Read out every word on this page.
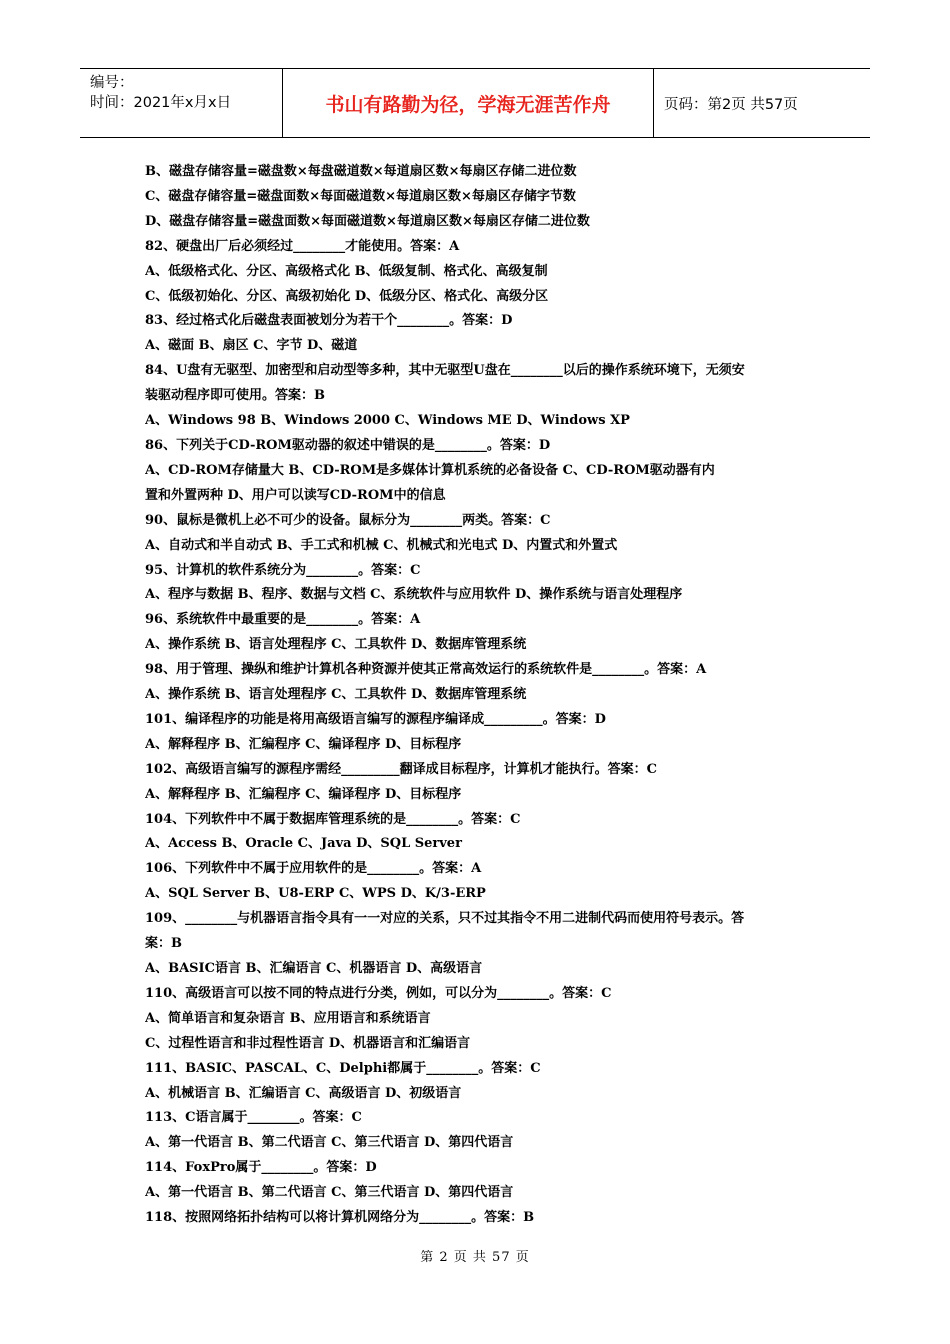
编号：
时间：2021年x月x日	书山有路勤为径，学海无涯苦作舟	页码：第2页 共57页
B、磁盘存储容量=磁盘数×每盘磁道数×每道扇区数×每扇区存储二进位数
C、磁盘存储容量=磁盘面数×每面磁道数×每道扇区数×每扇区存储字节数
D、磁盘存储容量=磁盘面数×每面磁道数×每道扇区数×每扇区存储二进位数
82、硬盘出厂后必须经过________才能使用。答案：A
A、低级格式化、分区、高级格式化 B、低级复制、格式化、高级复制
C、低级初始化、分区、高级初始化 D、低级分区、格式化、高级分区
83、经过格式化后磁盘表面被划分为若干个________。答案：D
A、磁面 B、扇区 C、字节 D、磁道
84、U盘有无驱型、加密型和启动型等多种，其中无驱型U盘在________以后的操作系统环境下，无须安
装驱动程序即可使用。答案：B
A、Windows 98 B、Windows 2000 C、Windows ME D、Windows XP
86、下列关于CD-ROM驱动器的叙述中错误的是________。答案：D
A、CD-ROM存储量大 B、CD-ROM是多媒体计算机系统的必备设备 C、CD-ROM驱动器有内
置和外置两种 D、用户可以读写CD-ROM中的信息
90、鼠标是微机上必不可少的设备。鼠标分为________两类。答案：C
A、自动式和半自动式 B、手工式和机械 C、机械式和光电式 D、内置式和外置式
95、计算机的软件系统分为________。答案：C
A、程序与数据 B、程序、数据与文档 C、系统软件与应用软件 D、操作系统与语言处理程序
96、系统软件中最重要的是________。答案：A
A、操作系统 B、语言处理程序 C、工具软件 D、数据库管理系统
98、用于管理、操纵和维护计算机各种资源并使其正常高效运行的系统软件是________。答案：A
A、操作系统 B、语言处理程序 C、工具软件 D、数据库管理系统
101、编译程序的功能是将用高级语言编写的源程序编译成_________。答案：D
A、解释程序 B、汇编程序 C、编译程序 D、目标程序
102、高级语言编写的源程序需经_________翻译成目标程序，计算机才能执行。答案：C
A、解释程序 B、汇编程序 C、编译程序 D、目标程序
104、下列软件中不属于数据库管理系统的是________。答案：C
A、Access B、Oracle C、Java D、SQL Server
106、下列软件中不属于应用软件的是________。答案：A
A、SQL Server B、U8-ERP C、WPS D、K/3-ERP
109、________与机器语言指令具有一一对应的关系，只不过其指令不用二进制代码而使用符号表示。答
案：B
A、BASIC语言 B、汇编语言 C、机器语言 D、高级语言
110、高级语言可以按不同的特点进行分类，例如，可以分为________。答案：C
A、简单语言和复杂语言 B、应用语言和系统语言
C、过程性语言和非过程性语言 D、机器语言和汇编语言
111、BASIC、PASCAL、C、Delphi都属于________。答案：C
A、机械语言 B、汇编语言 C、高级语言 D、初级语言
113、C语言属于________。答案：C
A、第一代语言 B、第二代语言 C、第三代语言 D、第四代语言
114、FoxPro属于________。答案：D
A、第一代语言 B、第二代语言 C、第三代语言 D、第四代语言
118、按照网络拓扑结构可以将计算机网络分为________。答案：B
第 2 页 共 57 页
